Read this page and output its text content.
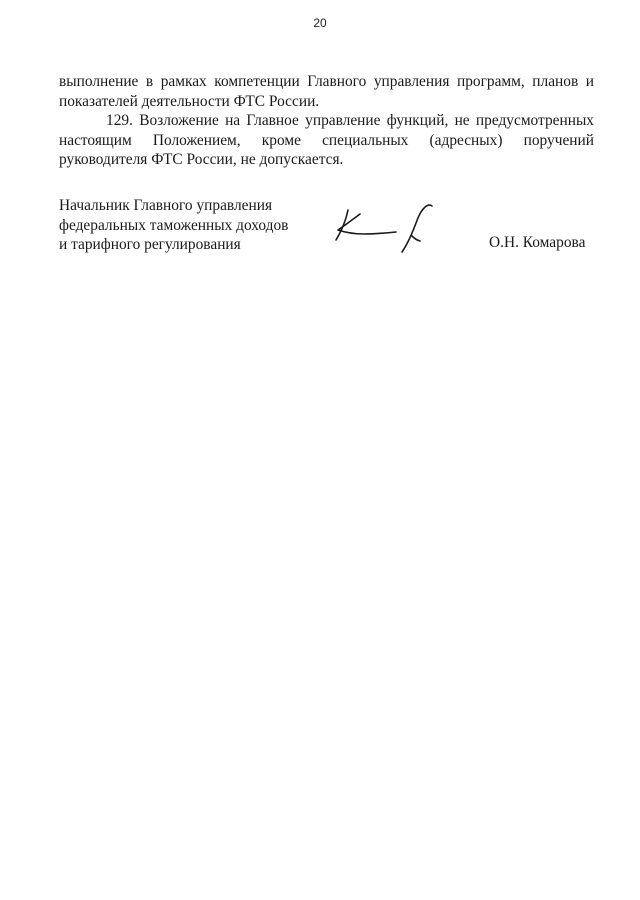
20

выполнение в рамках компетенции Главного управления программ, планов и показателей деятельности ФТС России.

129. Возложение на Главное управление функций, не предусмотренных настоящим Положением, кроме специальных (адресных) поручений руководителя ФТС России, не допускается.

Начальник Главного управления
федеральных таможенных доходов
и тарифного регулирования	О.Н. Комарова
